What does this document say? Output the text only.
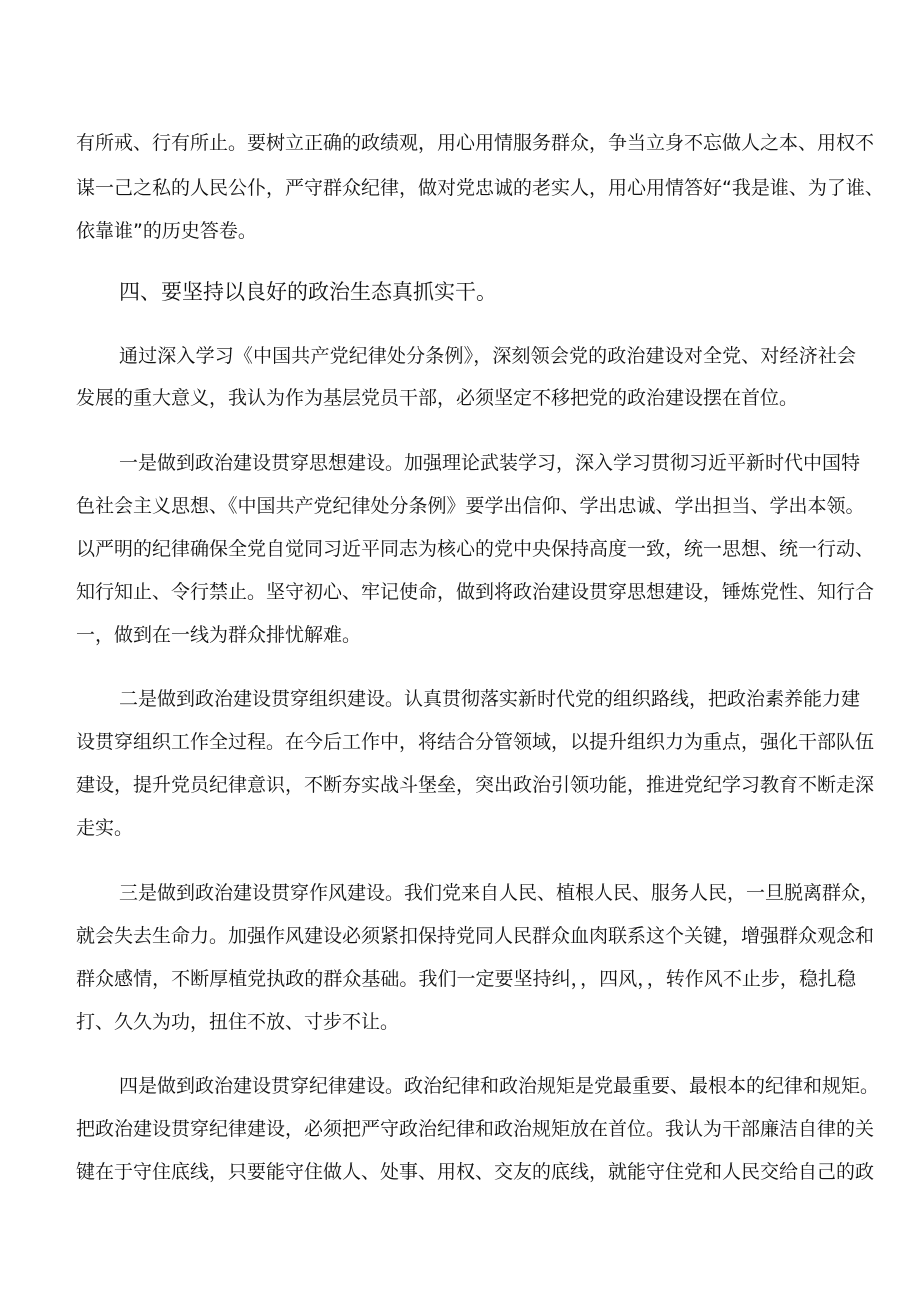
有所戒、行有所止。要树立正确的政绩观，用心用情服务群众，争当立身不忘做人之本、用权不
谋一己之私的人民公仆，严守群众纪律，做对党忠诚的老实人，用心用情答好“我是谁、为了谁、
依靠谁”的历史答卷。
四、要坚持以良好的政治生态真抓实干。
通过深入学习《中国共产党纪律处分条例》，深刻领会党的政治建设对全党、对经济社会
发展的重大意义，我认为作为基层党员干部，必须坚定不移把党的政治建设摆在首位。
一是做到政治建设贯穿思想建设。加强理论武装学习，深入学习贯彻习近平新时代中国特
色社会主义思想、《中国共产党纪律处分条例》要学出信仰、学出忠诚、学出担当、学出本领。
以严明的纪律确保全党自觉同习近平同志为核心的党中央保持高度一致，统一思想、统一行动、
知行知止、令行禁止。坚守初心、牢记使命，做到将政治建设贯穿思想建设，锤炼党性、知行合
一，做到在一线为群众排忧解难。
二是做到政治建设贯穿组织建设。认真贯彻落实新时代党的组织路线，把政治素养能力建
设贯穿组织工作全过程。在今后工作中，将结合分管领域，以提升组织力为重点，强化干部队伍
建设，提升党员纪律意识，不断夯实战斗堡垒，突出政治引领功能，推进党纪学习教育不断走深
走实。
三是做到政治建设贯穿作风建设。我们党来自人民、植根人民、服务人民，一旦脱离群众，
就会失去生命力。加强作风建设必须紧扣保持党同人民群众血肉联系这个关键，增强群众观念和
群众感情，不断厚植党执政的群众基础。我们一定要坚持纠，，四风，，转作风不止步，稳扎稳
打、久久为功，扭住不放、寸步不让。
四是做到政治建设贯穿纪律建设。政治纪律和政治规矩是党最重要、最根本的纪律和规矩。
把政治建设贯穿纪律建设，必须把严守政治纪律和政治规矩放在首位。我认为干部廉洁自律的关
键在于守住底线，只要能守住做人、处事、用权、交友的底线，就能守住党和人民交给自己的政
